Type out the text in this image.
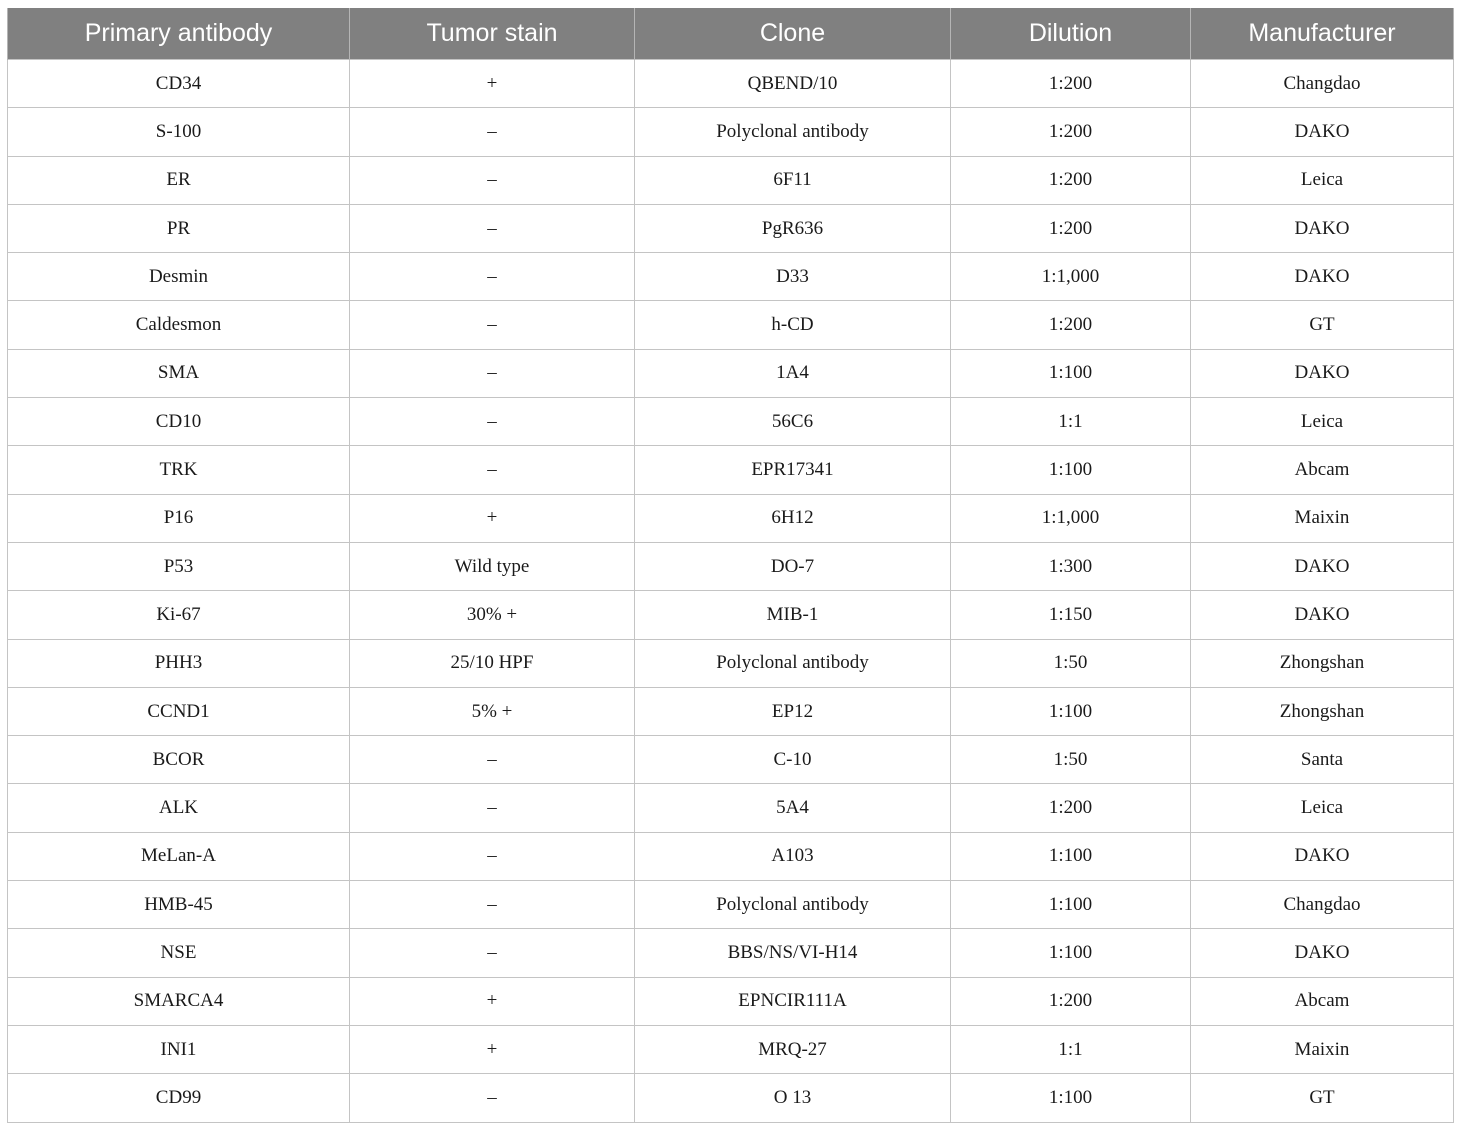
Primary antibody	Tumor stain	Clone	Dilution	Manufacturer
CD34	+	QBEND/10	1:200	Changdao
S-100	–	Polyclonal antibody	1:200	DAKO
ER	–	6F11	1:200	Leica
PR	–	PgR636	1:200	DAKO
Desmin	–	D33	1:1,000	DAKO
Caldesmon	–	h-CD	1:200	GT
SMA	–	1A4	1:100	DAKO
CD10	–	56C6	1:1	Leica
TRK	–	EPR17341	1:100	Abcam
P16	+	6H12	1:1,000	Maixin
P53	Wild type	DO-7	1:300	DAKO
Ki-67	30% +	MIB-1	1:150	DAKO
PHH3	25/10 HPF	Polyclonal antibody	1:50	Zhongshan
CCND1	5% +	EP12	1:100	Zhongshan
BCOR	–	C-10	1:50	Santa
ALK	–	5A4	1:200	Leica
MeLan-A	–	A103	1:100	DAKO
HMB-45	–	Polyclonal antibody	1:100	Changdao
NSE	–	BBS/NS/VI-H14	1:100	DAKO
SMARCA4	+	EPNCIR111A	1:200	Abcam
INI1	+	MRQ-27	1:1	Maixin
CD99	–	O 13	1:100	GT
